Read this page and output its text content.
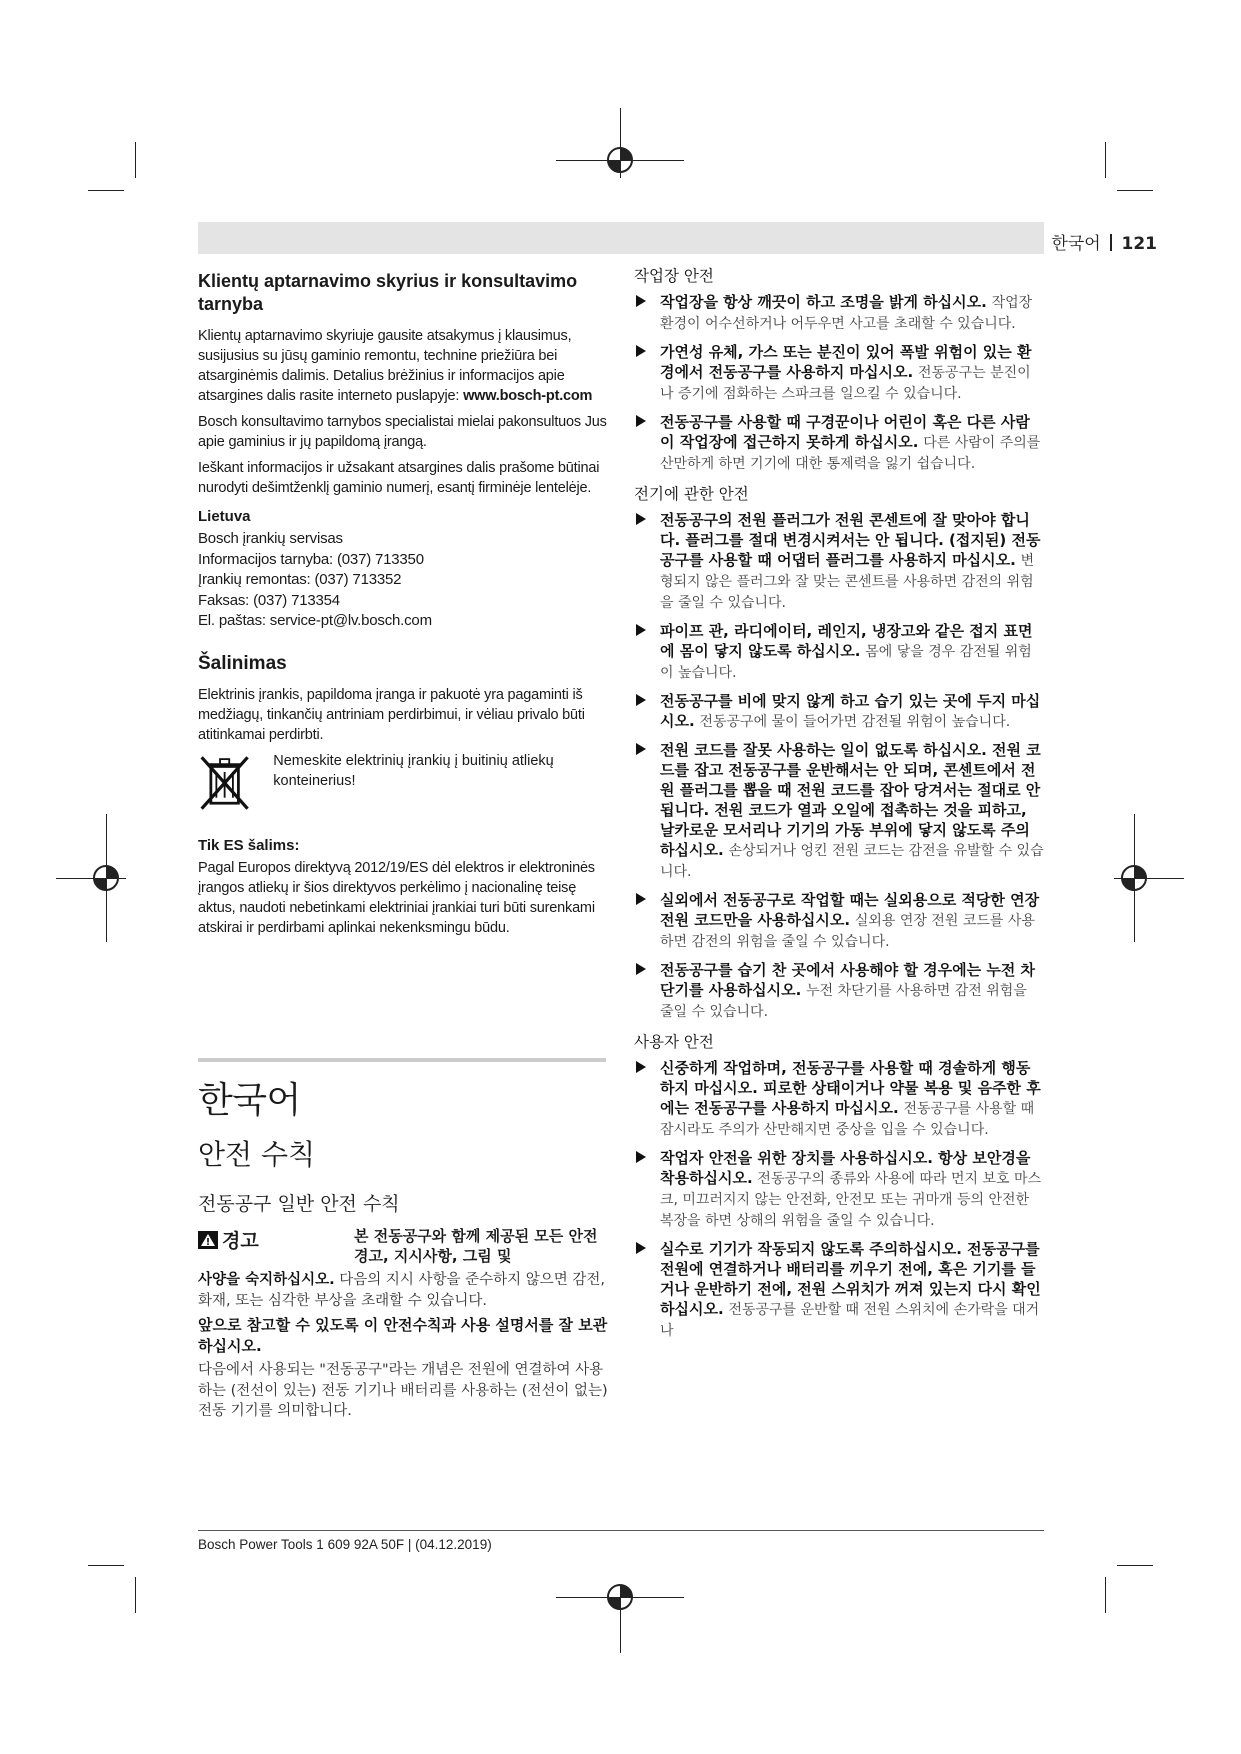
한국어 121
Klientų aptarnavimo skyrius ir konsultavimo tarnyba

Klientų aptarnavimo skyriuje gausite atsakymus į klausimus, susijusius su jūsų gaminio remontu, technine priežiūra bei atsarginėmis dalimis. Detalius brėžinius ir informacijos apie atsargines dalis rasite interneto puslapyje: www.bosch-pt.com

Bosch konsultavimo tarnybos specialistai mielai pakonsultuos Jus apie gaminius ir jų papildomą įrangą.

Ieškant informacijos ir užsakant atsargines dalis prašome būtinai nurodyti dešimtženklį gaminio numerį, esantį firminėje lentelėje.

Lietuva

Bosch įrankių servisas

Informacijos tarnyba: (037) 713350

Įrankių remontas: (037) 713352

Faksas: (037) 713354

El. paštas: service-pt@lv.bosch.com

Šalinimas

Elektrinis įrankis, papildoma įranga ir pakuotė yra pagaminti iš medžiagų, tinkančių antriniam perdirbimui, ir vėliau privalo būti atitinkamai perdirbti.

Nemeskite elektrinių įrankių į buitinių atliekų konteinerius!
Tik ES šalims:

Pagal Europos direktyvą 2012/19/ES dėl elektros ir elektroninės įrangos atliekų ir šios direktyvos perkėlimo į nacionalinę teisę aktus, naudoti nebetinkami elektriniai įrankiai turi būti surenkami atskirai ir perdirbami aplinkai nekenksmingu būdu.

한국어
안전 수칙
전동공구 일반 안전 수칙
경고	본 전동공구와 함께 제공된 모든 안전경고, 지시사항, 그림 및

사양을 숙지하십시오. 다음의 지시 사항을 준수하지 않으면 감전, 화재, 또는 심각한 부상을 초래할 수 있습니다.

앞으로 참고할 수 있도록 이 안전수칙과 사용 설명서를 잘 보관하십시오.

다음에서 사용되는 "전동공구"라는 개념은 전원에 연결하여 사용하는 (전선이 있는) 전동 기기나 배터리를 사용하는 (전선이 없는) 전동 기기를 의미합니다.

작업장 안전
작업장을 항상 깨끗이 하고 조명을 밝게 하십시오. 작업장 환경이 어수선하거나 어두우면 사고를 초래할 수 있습니다.
가연성 유체, 가스 또는 분진이 있어 폭발 위험이 있는 환경에서 전동공구를 사용하지 마십시오. 전동공구는 분진이나 증기에 점화하는 스파크를 일으킬 수 있습니다.
전동공구를 사용할 때 구경꾼이나 어린이 혹은 다른 사람이 작업장에 접근하지 못하게 하십시오. 다른 사람이 주의를 산만하게 하면 기기에 대한 통제력을 잃기 쉽습니다.
전기에 관한 안전
전동공구의 전원 플러그가 전원 콘센트에 잘 맞아야 합니다. 플러그를 절대 변경시켜서는 안 됩니다. (접지된) 전동공구를 사용할 때 어댑터 플러그를 사용하지 마십시오. 변형되지 않은 플러그와 잘 맞는 콘센트를 사용하면 감전의 위험을 줄일 수 있습니다.
파이프 관, 라디에이터, 레인지, 냉장고와 같은 접지 표면에 몸이 닿지 않도록 하십시오. 몸에 닿을 경우 감전될 위험이 높습니다.
전동공구를 비에 맞지 않게 하고 습기 있는 곳에 두지 마십시오. 전동공구에 물이 들어가면 감전될 위험이 높습니다.
전원 코드를 잘못 사용하는 일이 없도록 하십시오. 전원 코드를 잡고 전동공구를 운반해서는 안 되며, 콘센트에서 전원 플러그를 뽑을 때 전원 코드를 잡아 당겨서는 절대로 안 됩니다. 전원 코드가 열과 오일에 접촉하는 것을 피하고, 날카로운 모서리나 기기의 가동 부위에 닿지 않도록 주의하십시오. 손상되거나 엉킨 전원 코드는 감전을 유발할 수 있습니다.
실외에서 전동공구로 작업할 때는 실외용으로 적당한 연장 전원 코드만을 사용하십시오. 실외용 연장 전원 코드를 사용하면 감전의 위험을 줄일 수 있습니다.
전동공구를 습기 찬 곳에서 사용해야 할 경우에는 누전 차단기를 사용하십시오. 누전 차단기를 사용하면 감전 위험을 줄일 수 있습니다.
사용자 안전
신중하게 작업하며, 전동공구를 사용할 때 경솔하게 행동하지 마십시오. 피로한 상태이거나 약물 복용 및 음주한 후에는 전동공구를 사용하지 마십시오. 전동공구를 사용할 때 잠시라도 주의가 산만해지면 중상을 입을 수 있습니다.
작업자 안전을 위한 장치를 사용하십시오. 항상 보안경을 착용하십시오. 전동공구의 종류와 사용에 따라 먼지 보호 마스크, 미끄러지지 않는 안전화, 안전모 또는 귀마개 등의 안전한 복장을 하면 상해의 위험을 줄일 수 있습니다.
실수로 기기가 작동되지 않도록 주의하십시오. 전동공구를 전원에 연결하거나 배터리를 끼우기 전에, 혹은 기기를 들거나 운반하기 전에, 전원 스위치가 꺼져 있는지 다시 확인하십시오. 전동공구를 운반할 때 전원 스위치에 손가락을 대거나
Bosch Power Tools 1 609 92A 50F | (04.12.2019)
